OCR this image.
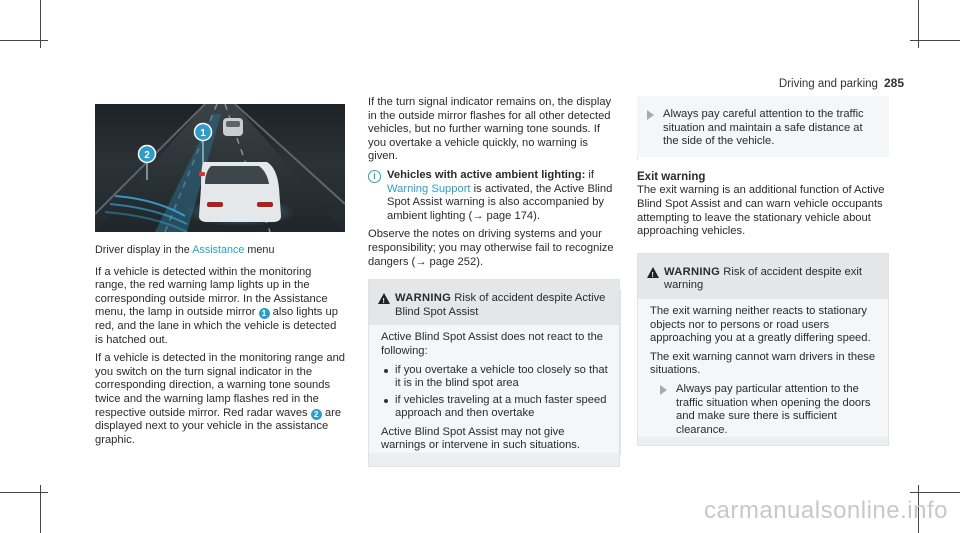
Driving and parking 285
2
1
Driver display in the Assistance menu

If a vehicle is detected within the monitoring range, the red warning lamp lights up in the corresponding outside mirror. In the Assistance menu, the lamp in outside mirror 1 also lights up red, and the lane in which the vehicle is detected is hatched out.

If a vehicle is detected in the monitoring range and you switch on the turn signal indicator in the corresponding direction, a warning tone sounds twice and the warning lamp flashes red in the respective outside mirror. Red radar waves 2 are displayed next to your vehicle in the assistance graphic.

If the turn signal indicator remains on, the display in the outside mirror flashes for all other detected vehicles, but no further warning tone sounds. If you overtake a vehicle quickly, no warning is given.

i	Vehicles with active ambient lighting: if Warning Support is activated, the Active Blind Spot Assist warning is also accompanied by ambient lighting (→ page 174).

Observe the notes on driving systems and your responsibility; you may otherwise fail to recognize dangers (→ page 252).

! WARNING Risk of accident despite Active Blind Spot Assist

Active Blind Spot Assist does not react to the following:

if you overtake a vehicle too closely so that it is in the blind spot area
if vehicles traveling at a much faster speed approach and then overtake

Active Blind Spot Assist may not give warnings or intervene in such situations.

Always pay careful attention to the traffic situation and maintain a safe distance at the side of the vehicle.
Exit warning

The exit warning is an additional function of Active Blind Spot Assist and can warn vehicle occupants attempting to leave the stationary vehicle about approaching vehicles.

! WARNING Risk of accident despite exit warning

The exit warning neither reacts to stationary objects nor to persons or road users approaching you at a greatly differing speed.

The exit warning cannot warn drivers in these situations.

Always pay particular attention to the traffic situation when opening the doors and make sure there is sufficient clearance.
carmanualsonline.info
